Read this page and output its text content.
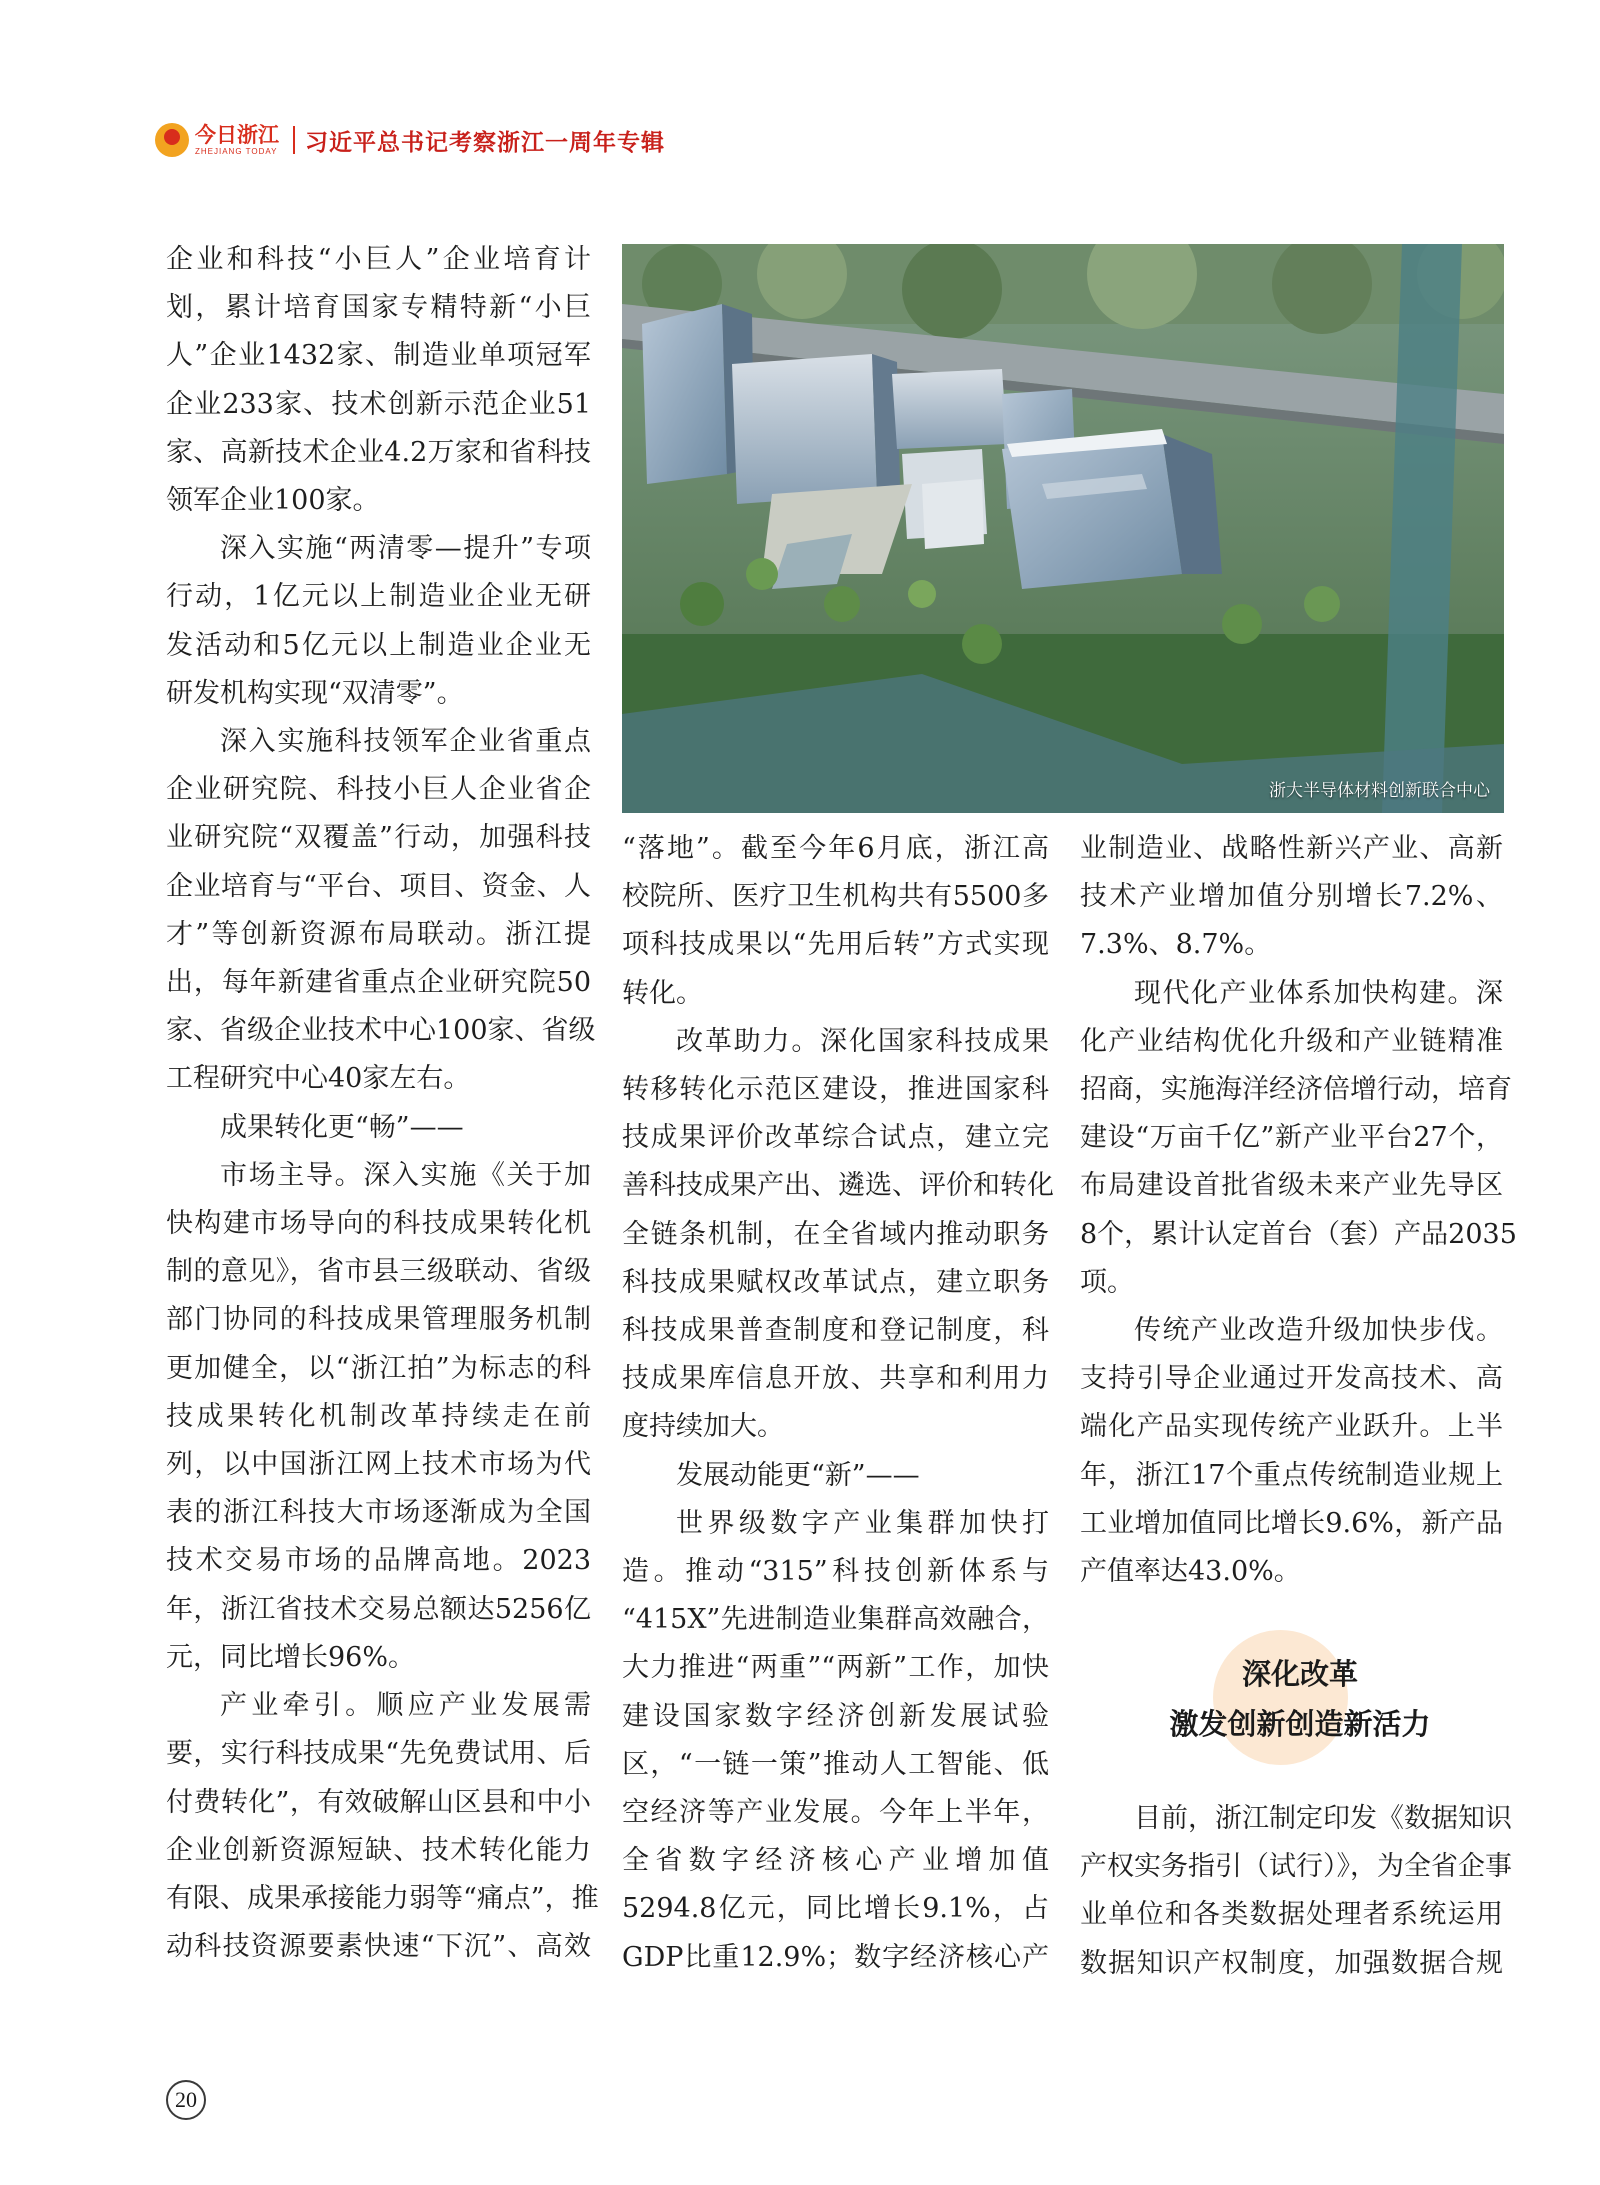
今日浙江
ZHEJIANG TODAY 习近平总书记考察浙江一周年专辑

企业和科技“小巨人”企业培育计

划，累计培育国家专精特新“小巨

人”企业1432家、制造业单项冠军

企业233家、技术创新示范企业51

家、高新技术企业4.2万家和省科技

领军企业100家。

深入实施“两清零—提升”专项

行动，1亿元以上制造业企业无研

发活动和5亿元以上制造业企业无

研发机构实现“双清零”。

深入实施科技领军企业省重点

企业研究院、科技小巨人企业省企

业研究院“双覆盖”行动，加强科技

企业培育与“平台、项目、资金、人

才”等创新资源布局联动。浙江提

出，每年新建省重点企业研究院50

家、省级企业技术中心100家、省级

工程研究中心40家左右。

成果转化更“畅”——

市场主导。深入实施《关于加

快构建市场导向的科技成果转化机

制的意见》，省市县三级联动、省级

部门协同的科技成果管理服务机制

更加健全，以“浙江拍”为标志的科

技成果转化机制改革持续走在前

列，以中国浙江网上技术市场为代

表的浙江科技大市场逐渐成为全国

技术交易市场的品牌高地。2023

年，浙江省技术交易总额达5256亿

元，同比增长96%。

产业牵引。顺应产业发展需

要，实行科技成果“先免费试用、后

付费转化”，有效破解山区县和中小

企业创新资源短缺、技术转化能力

有限、成果承接能力弱等“痛点”，推

动科技资源要素快速“下沉”、高效

浙大半导体材料创新联合中心

“落地”。截至今年6月底，浙江高

校院所、医疗卫生机构共有5500多

项科技成果以“先用后转”方式实现

转化。

改革助力。深化国家科技成果

转移转化示范区建设，推进国家科

技成果评价改革综合试点，建立完

善科技成果产出、遴选、评价和转化

全链条机制，在全省域内推动职务

科技成果赋权改革试点，建立职务

科技成果普查制度和登记制度，科

技成果库信息开放、共享和利用力

度持续加大。

发展动能更“新”——

世界级数字产业集群加快打

造。推动“315”科技创新体系与

“415X”先进制造业集群高效融合，

大力推进“两重”“两新”工作，加快

建设国家数字经济创新发展试验

区，“一链一策”推动人工智能、低

空经济等产业发展。今年上半年，

全省数字经济核心产业增加值

5294.8亿元，同比增长9.1%，占

GDP比重12.9%；数字经济核心产

业制造业、战略性新兴产业、高新

技术产业增加值分别增长7.2%、

7.3%、8.7%。

现代化产业体系加快构建。深

化产业结构优化升级和产业链精准

招商，实施海洋经济倍增行动，培育

建设“万亩千亿”新产业平台27个，

布局建设首批省级未来产业先导区

8个，累计认定首台（套）产品2035

项。

传统产业改造升级加快步伐。

支持引导企业通过开发高技术、高

端化产品实现传统产业跃升。上半

年，浙江17个重点传统制造业规上

工业增加值同比增长9.6%，新产品

产值率达43.0%。

深化改革
激发创新创造新活力

目前，浙江制定印发《数据知识

产权实务指引（试行）》，为全省企事

业单位和各类数据处理者系统运用

数据知识产权制度，加强数据合规

20
